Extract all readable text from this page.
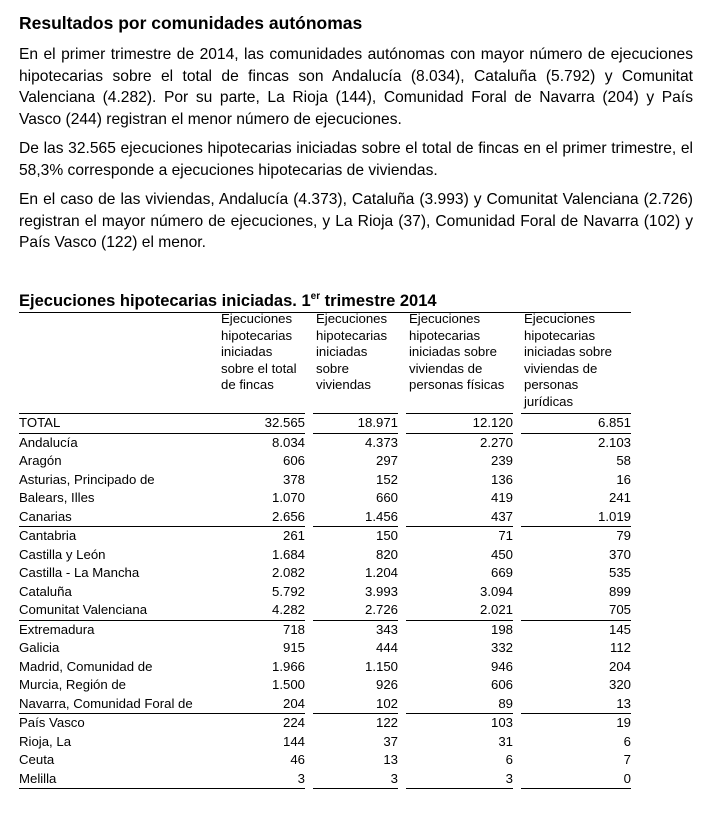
Resultados por comunidades autónomas

En el primer trimestre de 2014, las comunidades autónomas con mayor número de ejecuciones hipotecarias sobre el total de fincas son Andalucía (8.034), Cataluña (5.792) y Comunitat Valenciana (4.282). Por su parte, La Rioja (144), Comunidad Foral de Navarra (204) y País Vasco (244) registran el menor número de ejecuciones.

De las 32.565 ejecuciones hipotecarias iniciadas sobre el total de fincas en el primer trimestre, el 58,3% corresponde a ejecuciones hipotecarias de viviendas.

En el caso de las viviendas, Andalucía (4.373), Cataluña (3.993) y Comunitat Valenciana (2.726) registran el mayor número de ejecuciones, y La Rioja (37), Comunidad Foral de Navarra (102) y País Vasco (122) el menor.

Ejecuciones hipotecarias iniciadas. 1er trimestre 2014
	Ejecuciones hipotecarias iniciadas sobre el total de fincas		Ejecuciones hipotecarias iniciadas sobre viviendas		Ejecuciones hipotecarias iniciadas sobre viviendas de personas físicas		Ejecuciones hipotecarias iniciadas sobre viviendas de personas jurídicas
TOTAL	32.565		18.971		12.120		6.851
Andalucía	8.034		4.373		2.270		2.103
Aragón	606		297		239		58
Asturias, Principado de	378		152		136		16
Balears, Illes	1.070		660		419		241
Canarias	2.656		1.456		437		1.019
Cantabria	261		150		71		79
Castilla y León	1.684		820		450		370
Castilla - La Mancha	2.082		1.204		669		535
Cataluña	5.792		3.993		3.094		899
Comunitat Valenciana	4.282		2.726		2.021		705
Extremadura	718		343		198		145
Galicia	915		444		332		112
Madrid, Comunidad de	1.966		1.150		946		204
Murcia, Región de	1.500		926		606		320
Navarra, Comunidad Foral de	204		102		89		13
País Vasco	224		122		103		19
Rioja, La	144		37		31		6
Ceuta	46		13		6		7
Melilla	3		3		3		0
